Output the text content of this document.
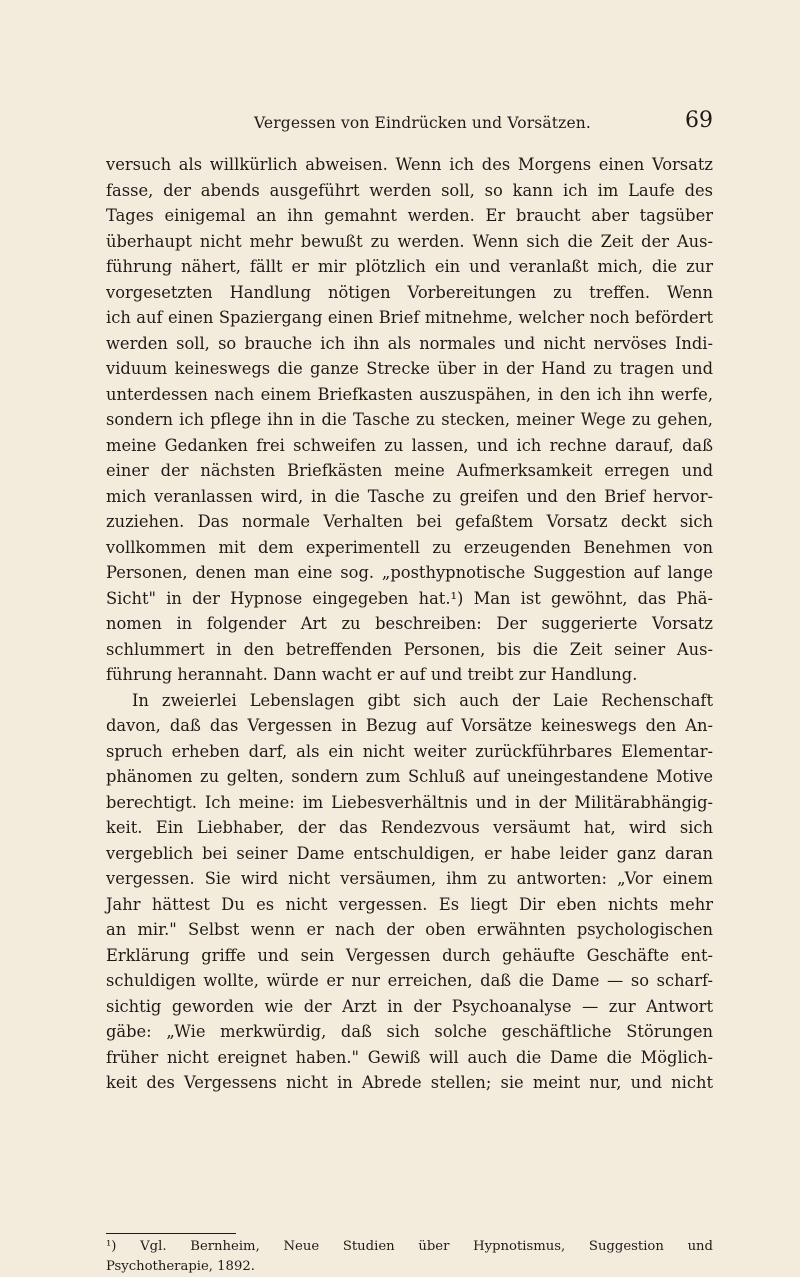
Vergessen von Eindrücken und Vorsätzen.	69
versuch als willkürlich abweisen. Wenn ich des Morgens einen Vorsatz
fasse, der abends ausgeführt werden soll, so kann ich im Laufe des
Tages einigemal an ihn gemahnt werden. Er braucht aber tagsüber
überhaupt nicht mehr bewußt zu werden. Wenn sich die Zeit der Aus-
führung nähert, fällt er mir plötzlich ein und veranlaßt mich, die zur
vorgesetzten Handlung nötigen Vorbereitungen zu treffen. Wenn
ich auf einen Spaziergang einen Brief mitnehme, welcher noch befördert
werden soll, so brauche ich ihn als normales und nicht nervöses Indi-
viduum keineswegs die ganze Strecke über in der Hand zu tragen und
unterdessen nach einem Briefkasten auszuspähen, in den ich ihn werfe,
sondern ich pflege ihn in die Tasche zu stecken, meiner Wege zu gehen,
meine Gedanken frei schweifen zu lassen, und ich rechne darauf, daß
einer der nächsten Briefkästen meine Aufmerksamkeit erregen und
mich veranlassen wird, in die Tasche zu greifen und den Brief hervor-
zuziehen. Das normale Verhalten bei gefaßtem Vorsatz deckt sich
vollkommen mit dem experimentell zu erzeugenden Benehmen von
Personen, denen man eine sog. „posthypnotische Suggestion auf lange
Sicht" in der Hypnose eingegeben hat.¹) Man ist gewöhnt, das Phä-
nomen in folgender Art zu beschreiben: Der suggerierte Vorsatz
schlummert in den betreffenden Personen, bis die Zeit seiner Aus-
führung herannaht. Dann wacht er auf und treibt zur Handlung.
In zweierlei Lebenslagen gibt sich auch der Laie Rechenschaft
davon, daß das Vergessen in Bezug auf Vorsätze keineswegs den An-
spruch erheben darf, als ein nicht weiter zurückführbares Elementar-
phänomen zu gelten, sondern zum Schluß auf uneingestandene Motive
berechtigt. Ich meine: im Liebesverhältnis und in der Militärabhängig-
keit. Ein Liebhaber, der das Rendezvous versäumt hat, wird sich
vergeblich bei seiner Dame entschuldigen, er habe leider ganz daran
vergessen. Sie wird nicht versäumen, ihm zu antworten: „Vor einem
Jahr hättest Du es nicht vergessen. Es liegt Dir eben nichts mehr
an mir." Selbst wenn er nach der oben erwähnten psychologischen
Erklärung griffe und sein Vergessen durch gehäufte Geschäfte ent-
schuldigen wollte, würde er nur erreichen, daß die Dame — so scharf-
sichtig geworden wie der Arzt in der Psychoanalyse — zur Antwort
gäbe: „Wie merkwürdig, daß sich solche geschäftliche Störungen
früher nicht ereignet haben." Gewiß will auch die Dame die Möglich-
keit des Vergessens nicht in Abrede stellen; sie meint nur, und nicht
¹) Vgl. Bernheim, Neue Studien über Hypnotismus, Suggestion und
Psychotherapie, 1892.
